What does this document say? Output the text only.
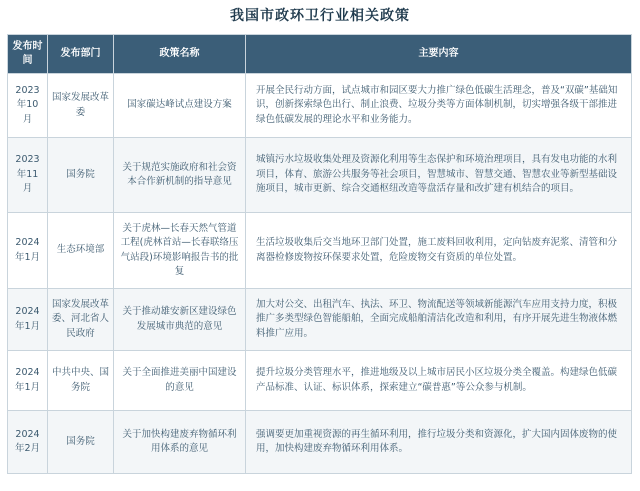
我国市政环卫行业相关政策
发布时间	发布部门	政策名称	主要内容
2023年10月	国家发展改革委	国家碳达峰试点建设方案	开展全民行动方面，试点城市和园区要大力推广绿色低碳生活理念，普及“双碳”基础知识，创新探索绿色出行、制止浪费、垃圾分类等方面体制机制，切实增强各级干部推进绿色低碳发展的理论水平和业务能力。
2023年11月	国务院	关于规范实施政府和社会资本合作新机制的指导意见	城镇污水垃圾收集处理及资源化利用等生态保护和环境治理项目，具有发电功能的水利项目，体育、旅游公共服务等社会项目，智慧城市、智慧交通、智慧农业等新型基础设施项目，城市更新、综合交通枢纽改造等盘活存量和改扩建有机结合的项目。
2024年1月	生态环境部	关于虎林—长春天然气管道工程(虎林首站—长春联络压气站段)环境影响报告书的批复	生活垃圾收集后交当地环卫部门处置，施工废料回收利用，定向钻废弃泥浆、清管和分离器检修废物按环保要求处置，危险废物交有资质的单位处置。
2024年1月	国家发展改革委、河北省人民政府	关于推动雄安新区建设绿色发展城市典范的意见	加大对公交、出租汽车、执法、环卫、物流配送等领域新能源汽车应用支持力度，积极推广多类型绿色智能船舶，全面完成船舶清洁化改造和利用，有序开展先进生物液体燃料推广应用。
2024年1月	中共中央、国务院	关于全面推进美丽中国建设的意见	提升垃圾分类管理水平，推进地级及以上城市居民小区垃圾分类全覆盖。构建绿色低碳产品标准、认证、标识体系，探索建立“碳普惠”等公众参与机制。
2024年2月	国务院	关于加快构建废弃物循环利用体系的意见	强调要更加重视资源的再生循环利用，推行垃圾分类和资源化，扩大国内固体废物的使用，加快构建废弃物循环利用体系。
